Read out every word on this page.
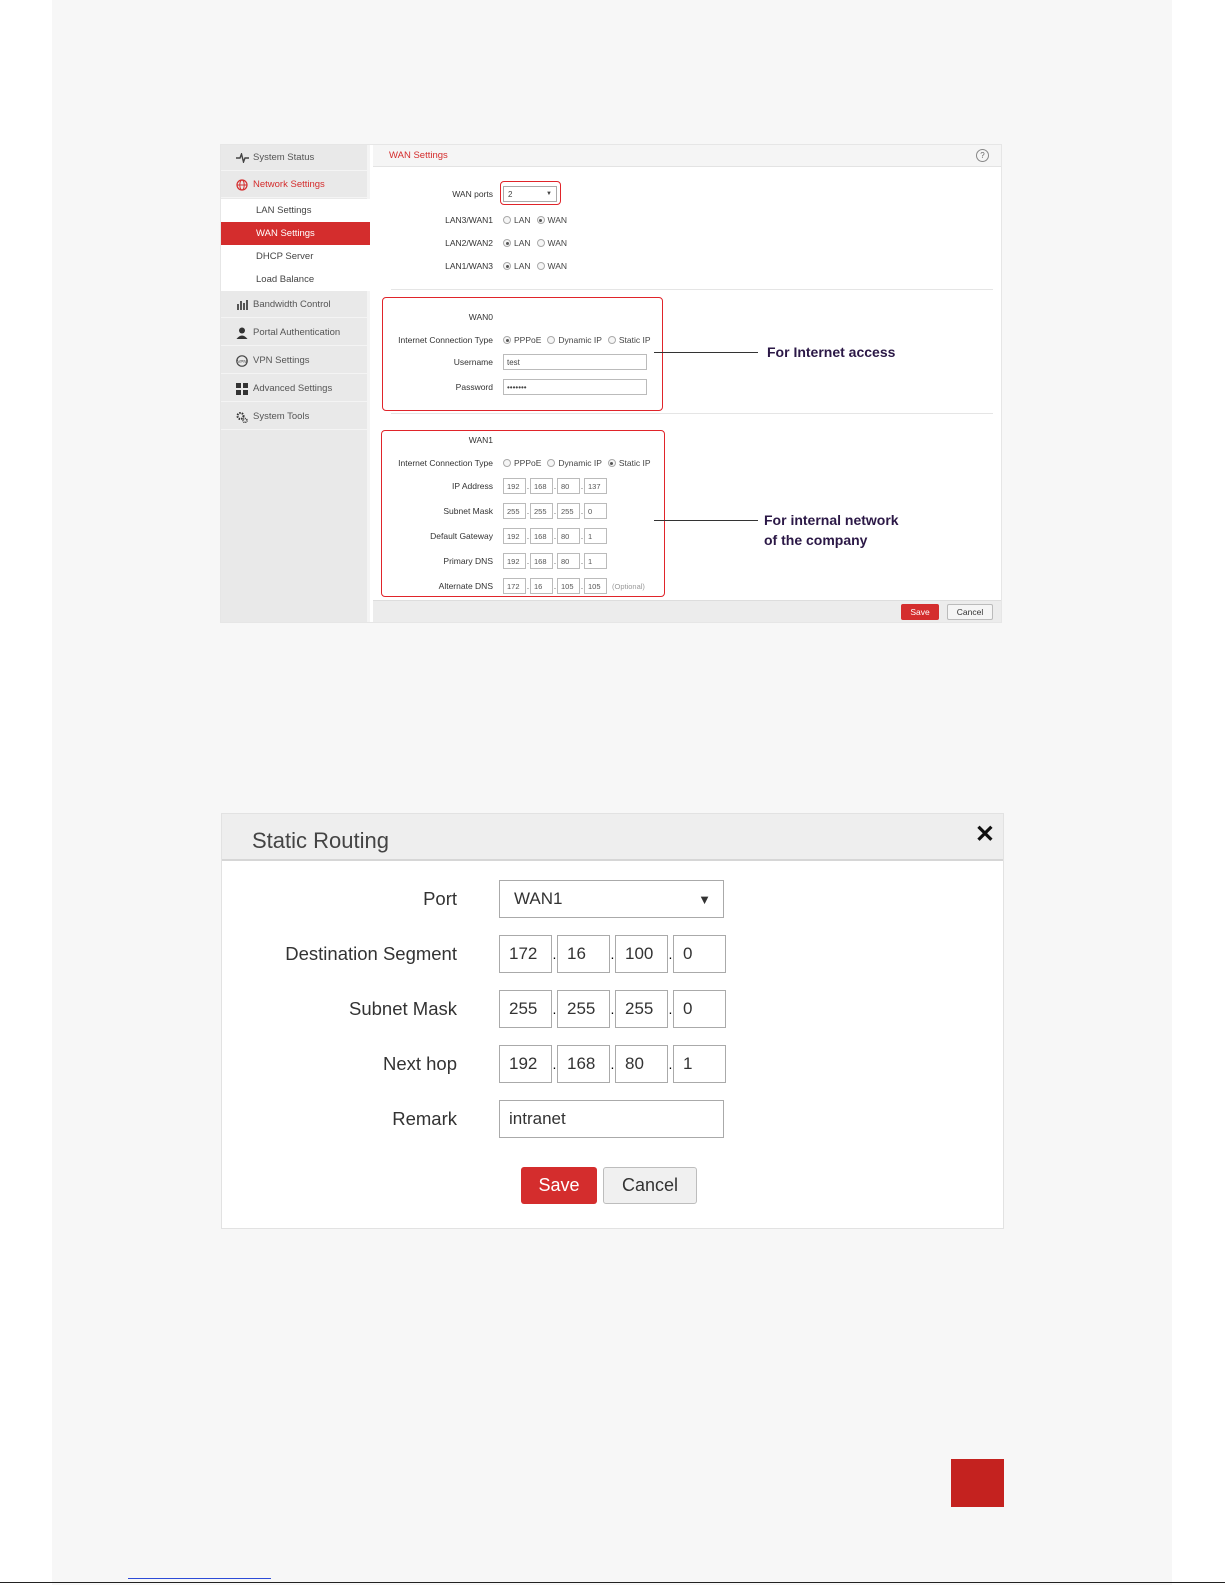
System Status
Network Settings
LAN Settings
WAN Settings
DHCP Server
Load Balance
Bandwidth Control
Portal Authentication
VPN VPN Settings
Advanced Settings
System Tools
WAN Settings	?
WAN ports 2	▼
LAN3/WAN1 LAN WAN
LAN2/WAN2 LAN WAN
LAN1/WAN3 LAN WAN
WAN0
Internet Connection Type PPPoE Dynamic IP Static IP
Username	test
Password	•••••••
WAN1
Internet Connection Type PPPoE Dynamic IP Static IP
IP Address	192 . 168 . 80	. 137
Subnet Mask	255 . 255 . 255 . 0
Default Gateway	192 . 168 . 80	. 1
Primary DNS	192 . 168 . 80	. 1
Alternate DNS	172 . 16	. 105 . 105	(Optional)
Save	Cancel
For Internet access
For internal network
of the company
Static Routing	✕
Port	WAN1	▼
Destination Segment	172	. 16	. 100	. 0
Subnet Mask	255	. 255	. 255	. 0
Next hop	192	. 168	. 80	. 1
Remark	intranet
Save	Cancel
